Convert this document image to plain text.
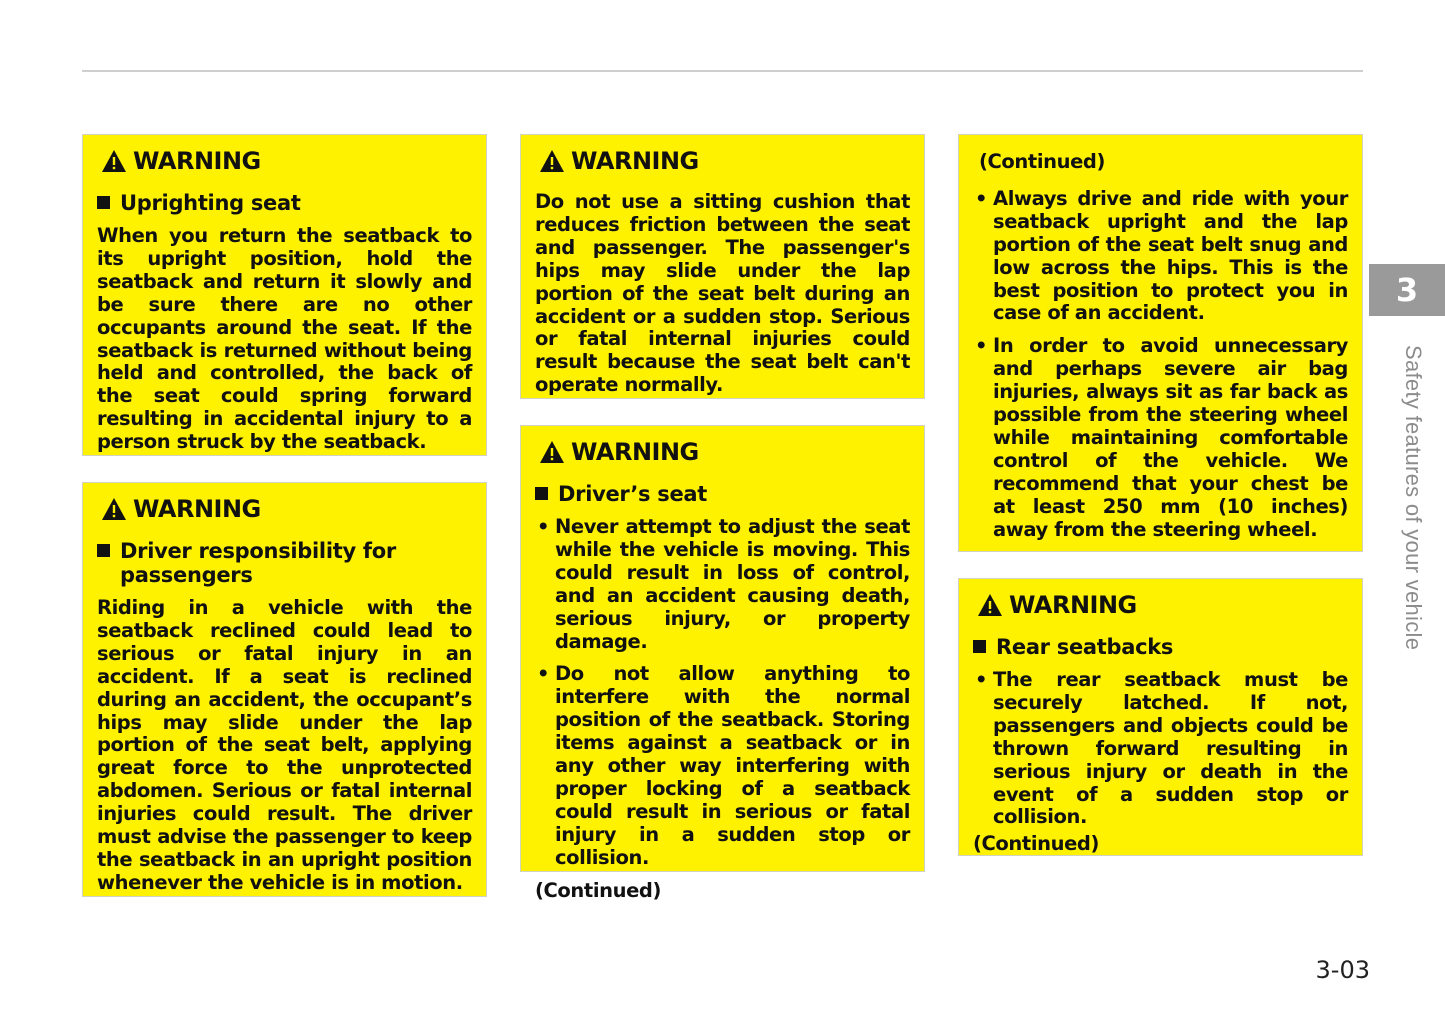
WARNING
Uprighting seat

When you return the seatback to its upright position, hold the seatback and return it slowly and be sure there are no other occupants around the seat. If the seatback is returned without being held and controlled, the back of the seat could spring forward resulting in accidental injury to a person struck by the seatback.

WARNING
Driver responsibility for passengers

Riding in a vehicle with the seatback reclined could lead to serious or fatal injury in an accident. If a seat is reclined during an accident, the occupant’s hips may slide under the lap portion of the seat belt, applying great force to the unprotected abdomen. Serious or fatal internal injuries could result. The driver must advise the passenger to keep the seatback in an upright position whenever the vehicle is in motion.

WARNING

Do not use a sitting cushion that reduces friction between the seat and passenger. The passenger's hips may slide under the lap portion of the seat belt during an accident or a sudden stop. Serious or fatal internal injuries could result because the seat belt can't operate normally.

WARNING
Driver’s seat
• Never attempt to adjust the seat while the vehicle is moving. This could result in loss of control, and an accident causing death, serious injury, or property damage.
• Do not allow anything to interfere with the normal position of the seatback. Storing items against a seatback or in any other way interfering with proper locking of a seatback could result in serious or fatal injury in a sudden stop or collision.

(Continued)

(Continued)

• Always drive and ride with your seatback upright and the lap portion of the seat belt snug and low across the hips. This is the best position to protect you in case of an accident.
• In order to avoid unnecessary and perhaps severe air bag injuries, always sit as far back as possible from the steering wheel while maintaining comfortable control of the vehicle. We recommend that your chest be at least 250 mm (10 inches) away from the steering wheel.
WARNING
Rear seatbacks
• The rear seatback must be securely latched. If not, passengers and objects could be thrown forward resulting in serious injury or death in the event of a sudden stop or collision.

(Continued)

3
Safety features of your vehicle
3-03
